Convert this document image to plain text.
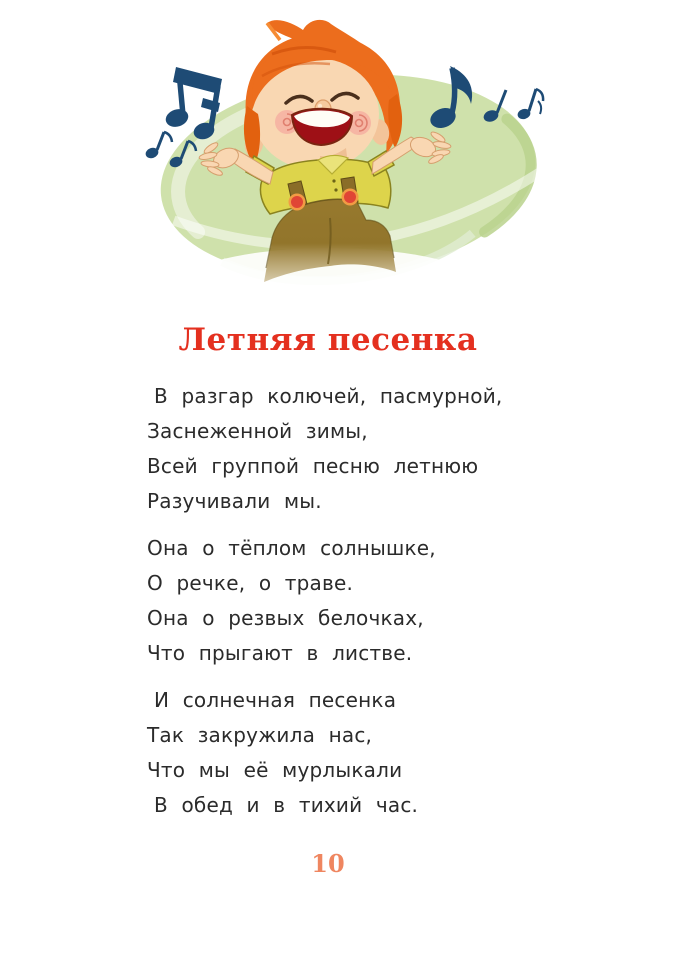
Летняя песенка
В разгар колючей, пасмурной,
Заснеженной зимы,
Всей группой песню летнюю
Разучивали мы.
Она о тёплом солнышке,
О речке, о траве.
Она о резвых белочках,
Что прыгают в листве.
И солнечная песенка
Так закружила нас,
Что мы её мурлыкали
В обед и в тихий час.
10
